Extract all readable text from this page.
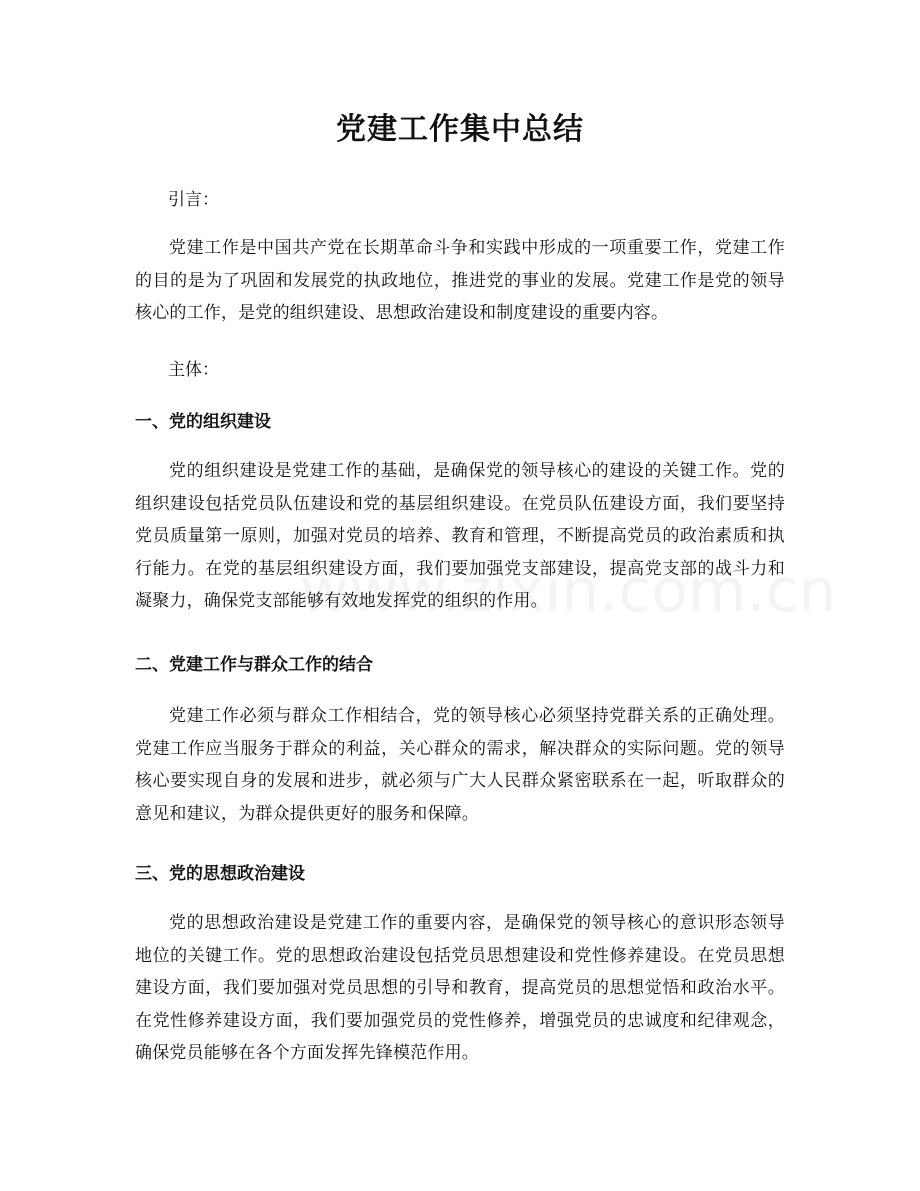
党建工作集中总结
引言：
党建工作是中国共产党在长期革命斗争和实践中形成的一项重要工作，党建工作的目的是为了巩固和发展党的执政地位，推进党的事业的发展。党建工作是党的领导核心的工作，是党的组织建设、思想政治建设和制度建设的重要内容。
主体：
一、党的组织建设
党的组织建设是党建工作的基础，是确保党的领导核心的建设的关键工作。党的组织建设包括党员队伍建设和党的基层组织建设。在党员队伍建设方面，我们要坚持党员质量第一原则，加强对党员的培养、教育和管理，不断提高党员的政治素质和执行能力。在党的基层组织建设方面，我们要加强党支部建设，提高党支部的战斗力和凝聚力，确保党支部能够有效地发挥党的组织的作用。
二、党建工作与群众工作的结合
党建工作必须与群众工作相结合，党的领导核心必须坚持党群关系的正确处理。党建工作应当服务于群众的利益，关心群众的需求，解决群众的实际问题。党的领导核心要实现自身的发展和进步，就必须与广大人民群众紧密联系在一起，听取群众的意见和建议，为群众提供更好的服务和保障。
三、党的思想政治建设
党的思想政治建设是党建工作的重要内容，是确保党的领导核心的意识形态领导地位的关键工作。党的思想政治建设包括党员思想建设和党性修养建设。在党员思想建设方面，我们要加强对党员思想的引导和教育，提高党员的思想觉悟和政治水平。在党性修养建设方面，我们要加强党员的党性修养，增强党员的忠诚度和纪律观念，确保党员能够在各个方面发挥先锋模范作用。
